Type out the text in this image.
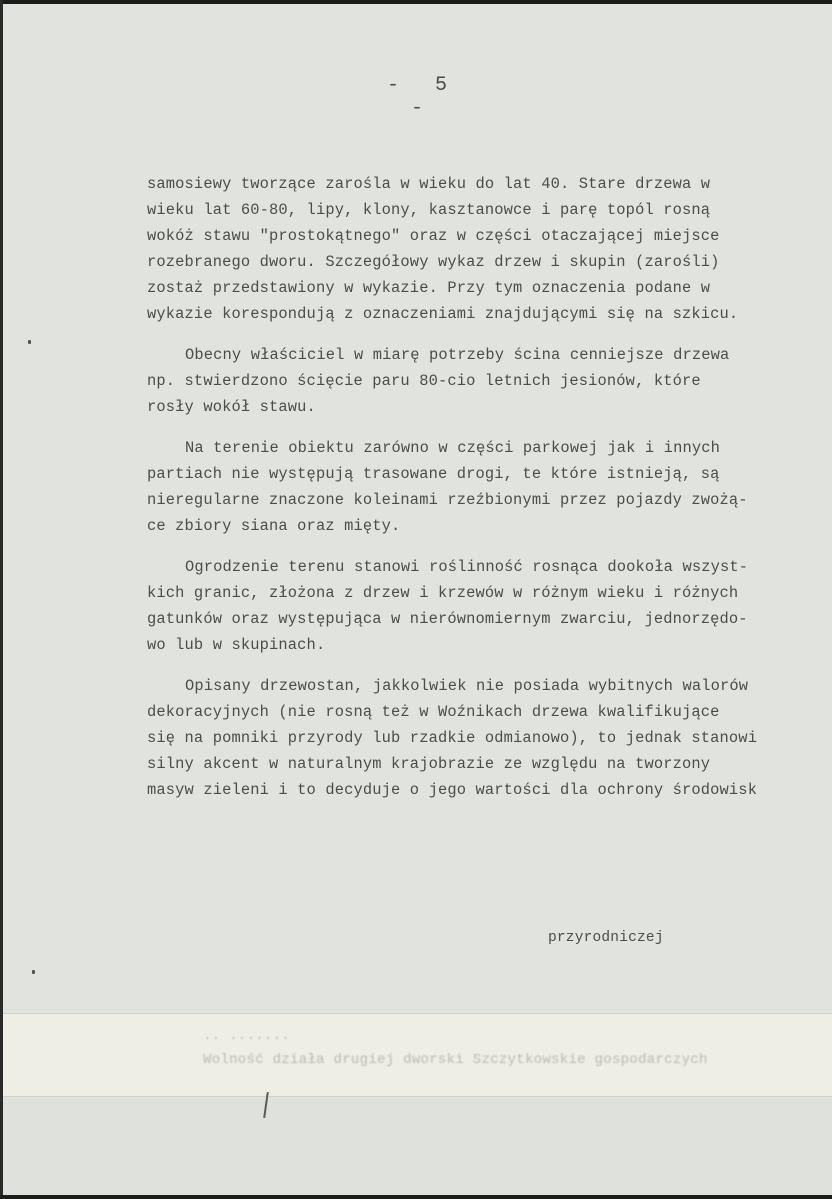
- 5 -
.. .......
Wolność działa drugiej dworski Szczytkowskie gospodarczych
samosiewy tworzące zarośla w wieku do lat 40. Stare drzewa w
wieku lat 60-80, lipy, klony, kasztanowce i parę topól rosną
wokóż stawu "prostokątnego" oraz w części otaczającej miejsce
rozebranego dworu. Szczegółowy wykaz drzew i skupin (zarośli)
zostaż przedstawiony w wykazie. Przy tym oznaczenia podane w
wykazie korespondują z oznaczeniami znajdującymi się na szkicu.
Obecny właściciel w miarę potrzeby ścina cenniejsze drzewa
np. stwierdzono ścięcie paru 80-cio letnich jesionów, które
rosły wokół stawu.
Na terenie obiektu zarówno w części parkowej jak i innych
partiach nie występują trasowane drogi, te które istnieją, są
nieregularne znaczone koleinami rzeźbionymi przez pojazdy zwożą-
ce zbiory siana oraz mięty.
Ogrodzenie terenu stanowi roślinność rosnąca dookoła wszyst-
kich granic, złożona z drzew i krzewów w różnym wieku i różnych
gatunków oraz występująca w nierównomiernym zwarciu, jednorzędo-
wo lub w skupinach.
Opisany drzewostan, jakkolwiek nie posiada wybitnych walorów
dekoracyjnych (nie rosną też w Woźnikach drzewa kwalifikujące
się na pomniki przyrody lub rzadkie odmianowo), to jednak stanowi
silny akcent w naturalnym krajobrazie ze względu na tworzony
masyw zieleni i to decyduje o jego wartości dla ochrony środowisk
przyrodniczej
